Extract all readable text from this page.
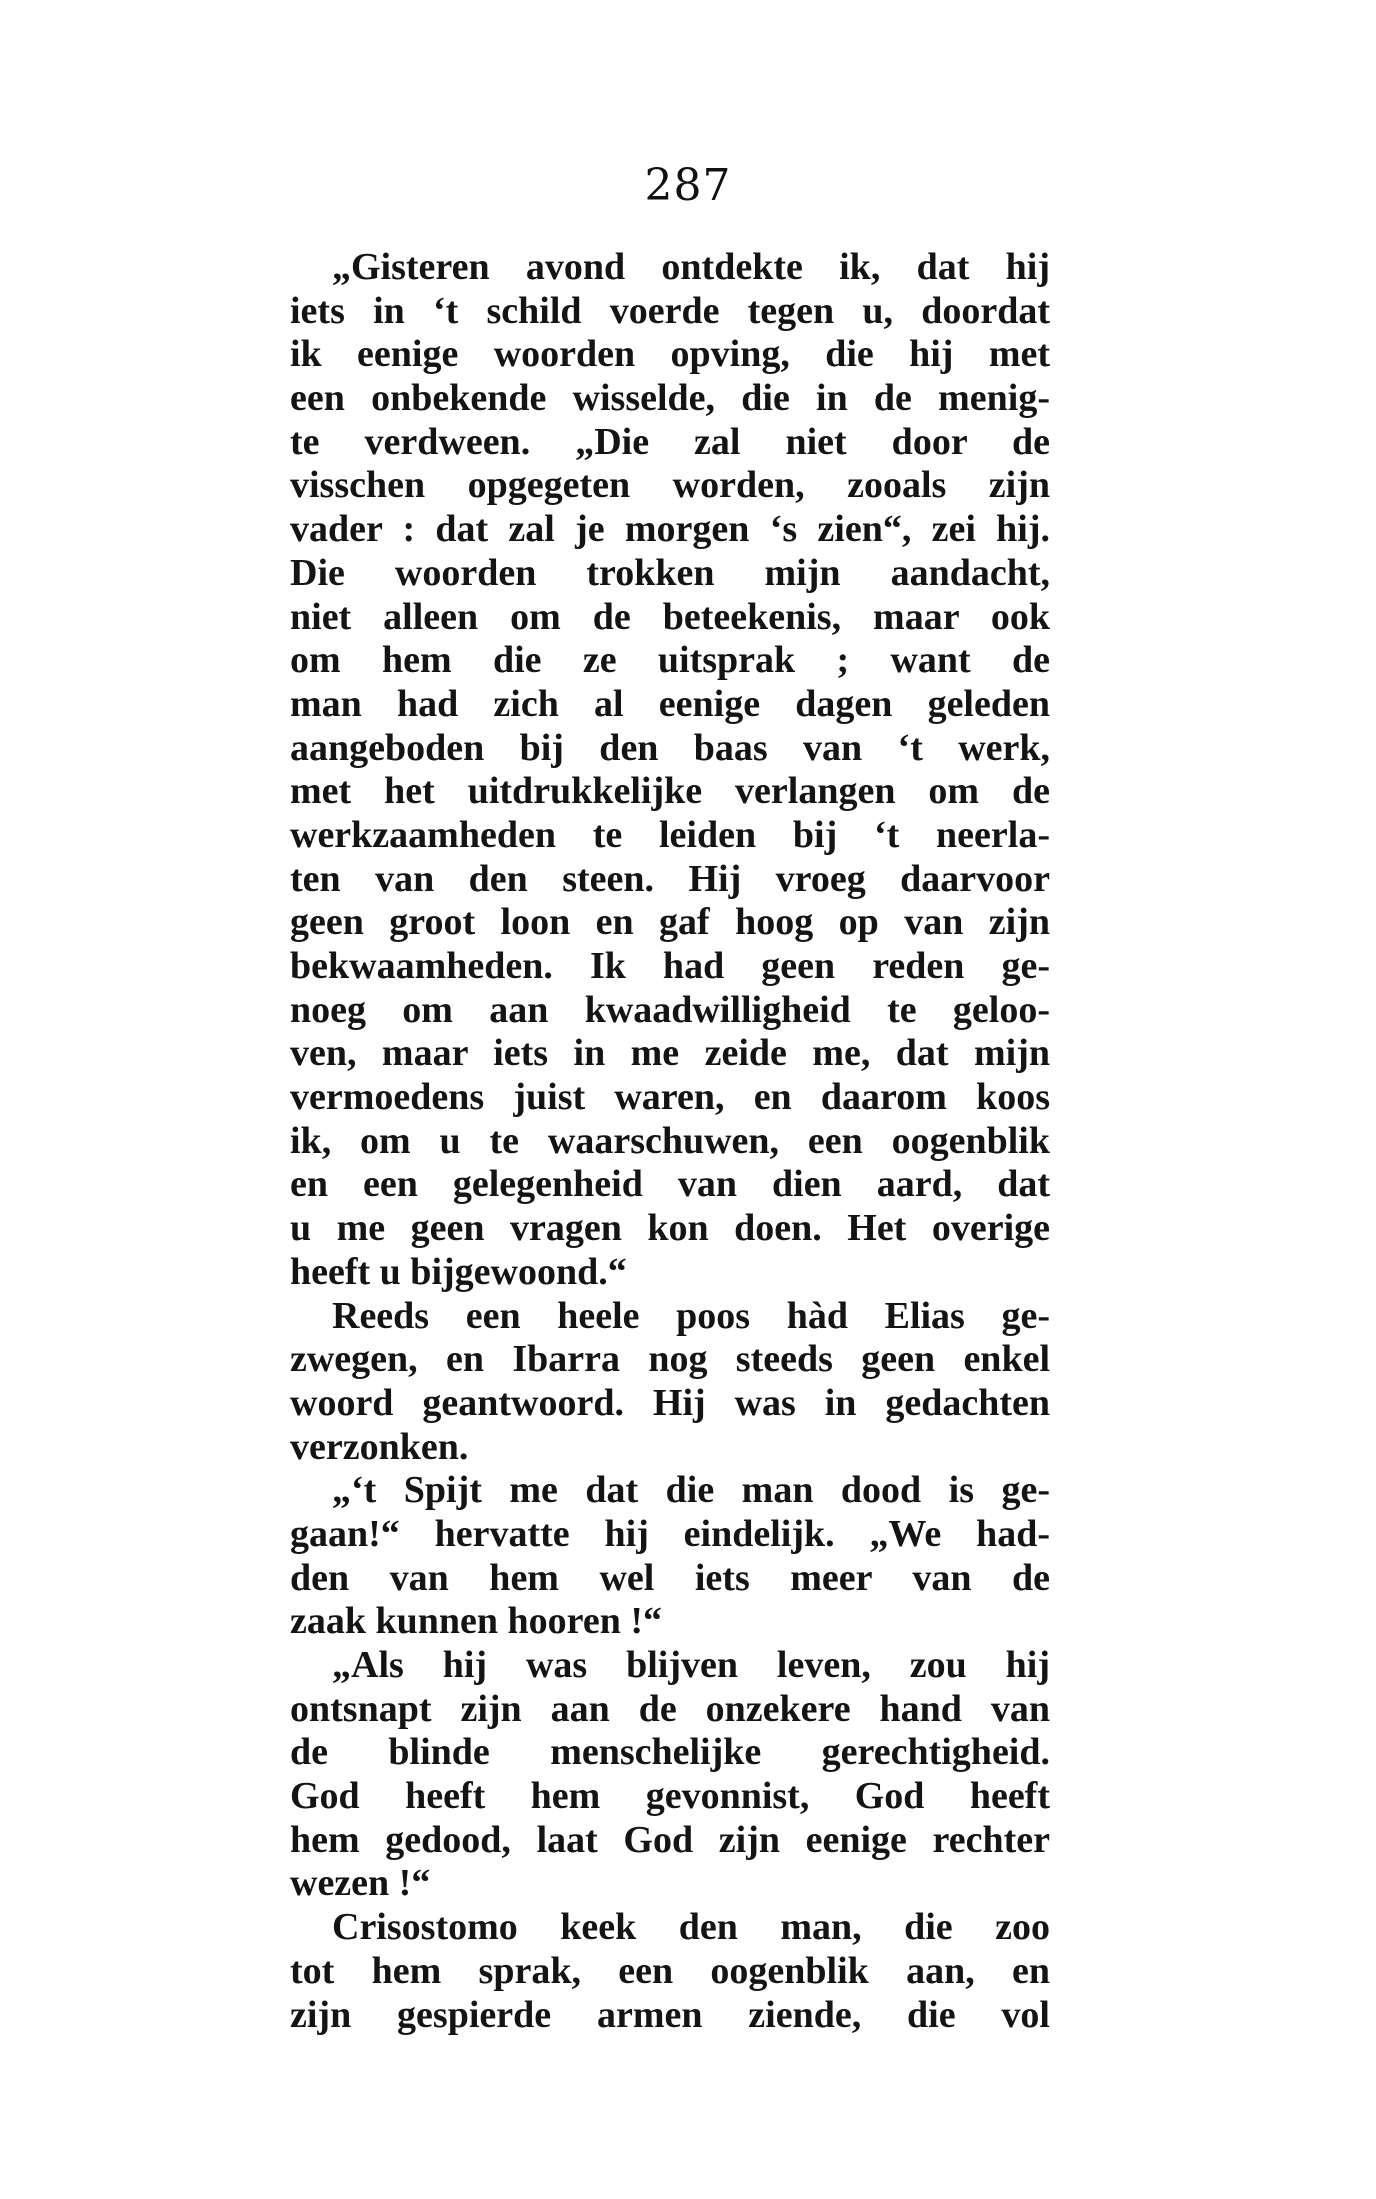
287
„Gisteren avond ontdekte ik, dat hij
iets in ‘t schild voerde tegen u, doordat
ik eenige woorden opving, die hij met
een onbekende wisselde, die in de menig-
te verdween. „Die zal niet door de
visschen opgegeten worden, zooals zijn
vader : dat zal je morgen ‘s zien“, zei hij.
Die woorden trokken mijn aandacht,
niet alleen om de beteekenis, maar ook
om hem die ze uitsprak ; want de
man had zich al eenige dagen geleden
aangeboden bij den baas van ‘t werk,
met het uitdrukkelijke verlangen om de
werkzaamheden te leiden bij ‘t neerla-
ten van den steen. Hij vroeg daarvoor
geen groot loon en gaf hoog op van zijn
bekwaamheden. Ik had geen reden ge-
noeg om aan kwaadwilligheid te geloo-
ven, maar iets in me zeide me, dat mijn
vermoedens juist waren, en daarom koos
ik, om u te waarschuwen, een oogenblik
en een gelegenheid van dien aard, dat
u me geen vragen kon doen. Het overige
heeft u bijgewoond.“
Reeds een heele poos hàd Elias ge-
zwegen, en Ibarra nog steeds geen enkel
woord geantwoord. Hij was in gedachten
verzonken.
„‘t Spijt me dat die man dood is ge-
gaan!“ hervatte hij eindelijk. „We had-
den van hem wel iets meer van de
zaak kunnen hooren !“
„Als hij was blijven leven, zou hij
ontsnapt zijn aan de onzekere hand van
de blinde menschelijke gerechtigheid.
God heeft hem gevonnist, God heeft
hem gedood, laat God zijn eenige rechter
wezen !“
Crisostomo keek den man, die zoo
tot hem sprak, een oogenblik aan, en
zijn gespierde armen ziende, die vol
